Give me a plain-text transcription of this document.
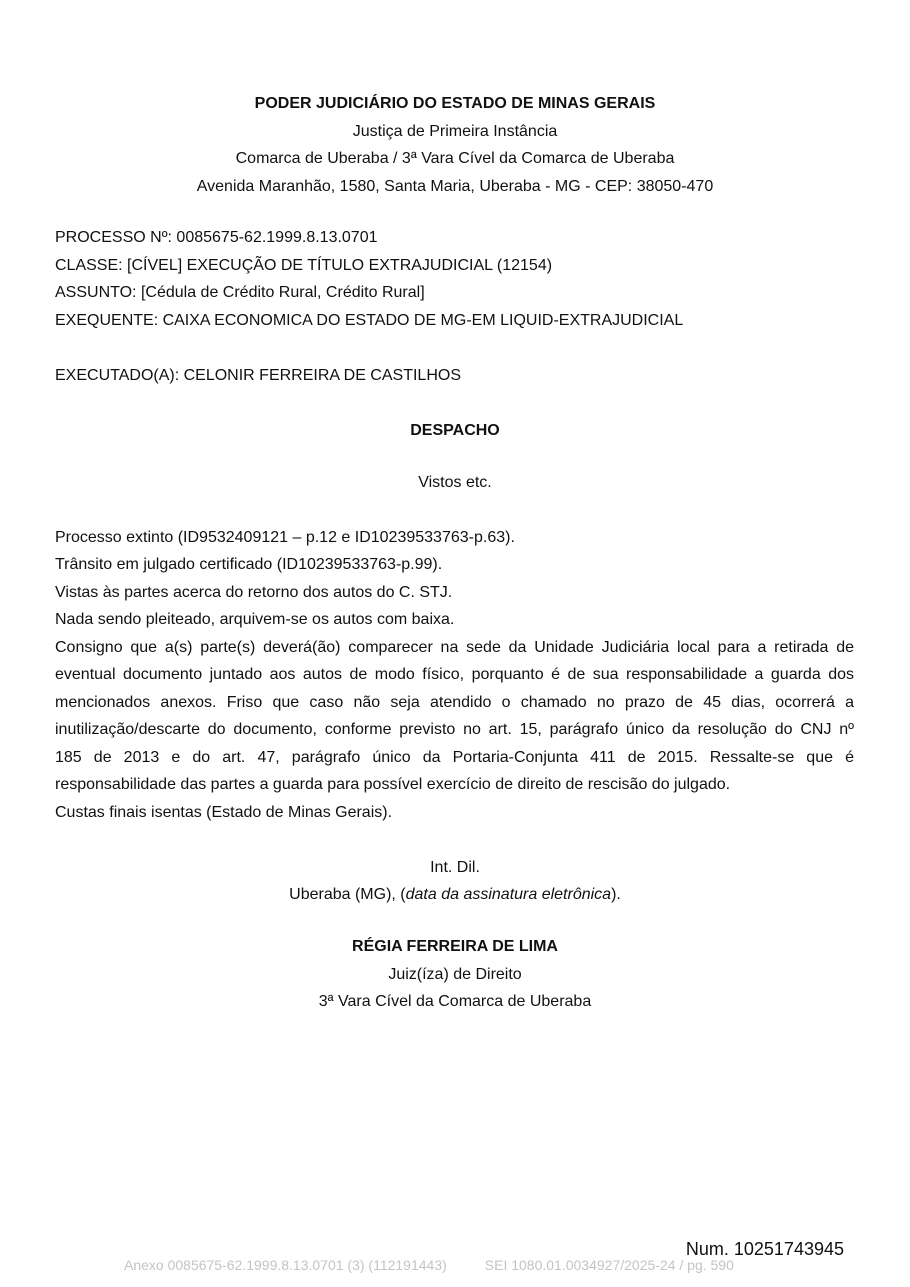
PODER JUDICIÁRIO DO ESTADO DE MINAS GERAIS
Justiça de Primeira Instância
Comarca de Uberaba / 3ª Vara Cível da Comarca de Uberaba
Avenida Maranhão, 1580, Santa Maria, Uberaba - MG - CEP: 38050-470
PROCESSO Nº: 0085675-62.1999.8.13.0701
CLASSE: [CÍVEL] EXECUÇÃO DE TÍTULO EXTRAJUDICIAL (12154)
ASSUNTO: [Cédula de Crédito Rural, Crédito Rural]
EXEQUENTE: CAIXA ECONOMICA DO ESTADO DE MG-EM LIQUID-EXTRAJUDICIAL
EXECUTADO(A): CELONIR FERREIRA DE CASTILHOS
DESPACHO
Vistos etc.
Processo extinto (ID9532409121 – p.12 e ID10239533763-p.63).
Trânsito em julgado certificado (ID10239533763-p.99).
Vistas às partes acerca do retorno dos autos do C. STJ.
Nada sendo pleiteado, arquivem-se os autos com baixa.
Consigno que a(s) parte(s) deverá(ão) comparecer na sede da Unidade Judiciária local para a retirada de
eventual documento juntado aos autos de modo físico, porquanto é de sua responsabilidade a guarda dos
mencionados anexos. Friso que caso não seja atendido o chamado no prazo de 45 dias, ocorrerá a
inutilização/descarte do documento, conforme previsto no art. 15, parágrafo único da resolução do CNJ nº
185 de 2013 e do art. 47, parágrafo único da Portaria-Conjunta 411 de 2015. Ressalte-se que é
responsabilidade das partes a guarda para possível exercício de direito de rescisão do julgado.
Custas finais isentas (Estado de Minas Gerais).
Int. Dil.
Uberaba (MG), (data da assinatura eletrônica).
RÉGIA FERREIRA DE LIMA
Juiz(íza) de Direito
3ª Vara Cível da Comarca de Uberaba
Num. 10251743945
Anexo 0085675-62.1999.8.13.0701 (3) (112191443)	SEI 1080.01.0034927/2025-24 / pg. 590
